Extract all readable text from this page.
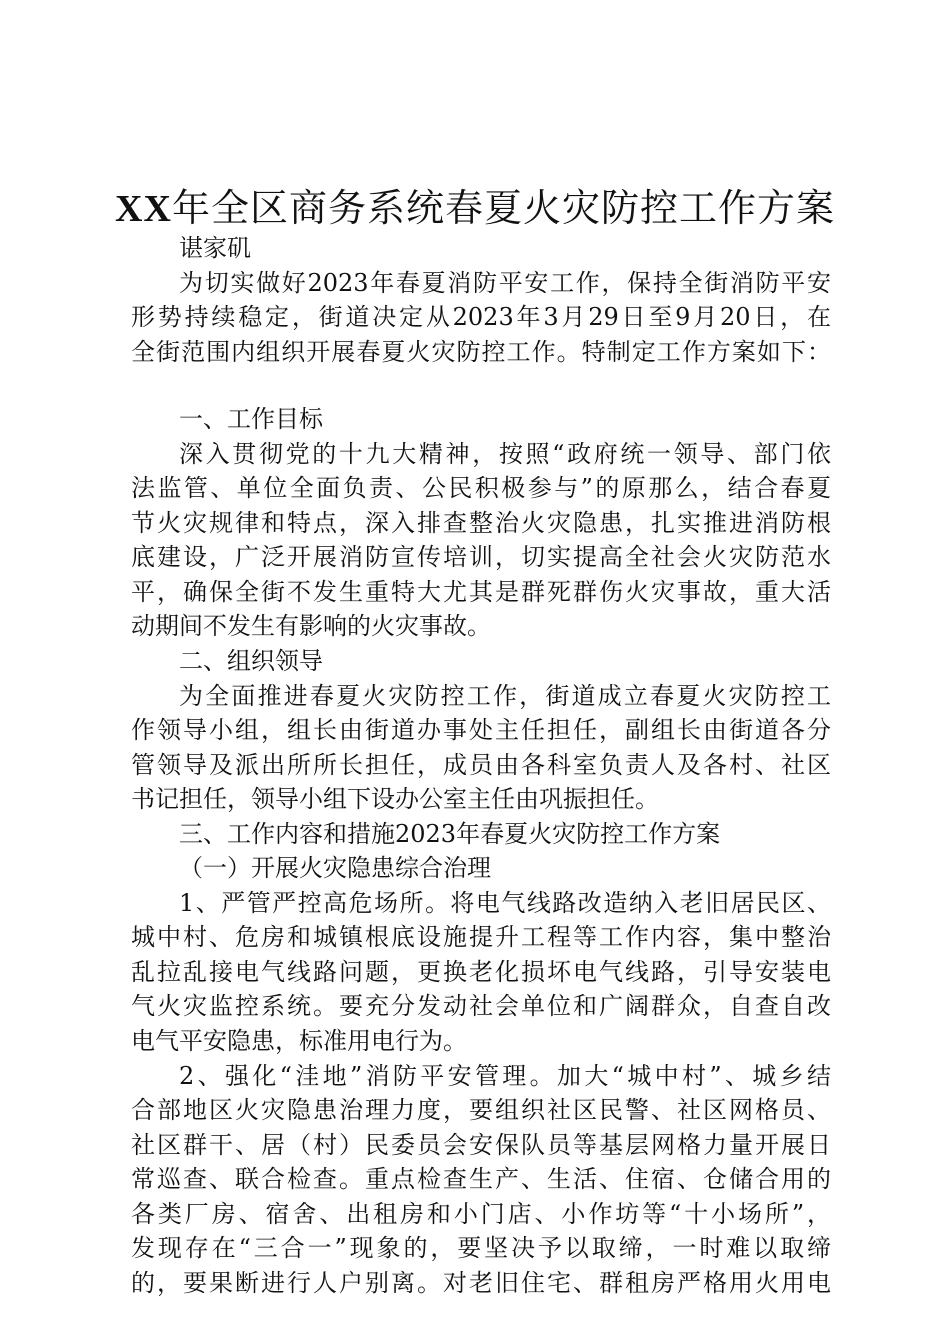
XX年全区商务系统春夏火灾防控工作方案
谌家矶
为切实做好2023年春夏消防平安工作，保持全街消防平安
形势持续稳定，街道决定从2023年3月29日至9月20日，在
全街范围内组织开展春夏火灾防控工作。特制定工作方案如下：
一、工作目标
深入贯彻党的十九大精神，按照“政府统一领导、部门依
法监管、单位全面负责、公民积极参与”的原那么，结合春夏
节火灾规律和特点，深入排查整治火灾隐患，扎实推进消防根
底建设，广泛开展消防宣传培训，切实提高全社会火灾防范水
平，确保全街不发生重特大尤其是群死群伤火灾事故，重大活
动期间不发生有影响的火灾事故。
二、组织领导
为全面推进春夏火灾防控工作，街道成立春夏火灾防控工
作领导小组，组长由街道办事处主任担任，副组长由街道各分
管领导及派出所所长担任，成员由各科室负责人及各村、社区
书记担任，领导小组下设办公室主任由巩振担任。
三、工作内容和措施2023年春夏火灾防控工作方案
（一）开展火灾隐患综合治理
1、严管严控高危场所。将电气线路改造纳入老旧居民区、
城中村、危房和城镇根底设施提升工程等工作内容，集中整治
乱拉乱接电气线路问题，更换老化损坏电气线路，引导安装电
气火灾监控系统。要充分发动社会单位和广阔群众，自查自改
电气平安隐患，标准用电行为。
2、强化“洼地”消防平安管理。加大“城中村”、城乡结
合部地区火灾隐患治理力度，要组织社区民警、社区网格员、
社区群干、居（村）民委员会安保队员等基层网格力量开展日
常巡查、联合检查。重点检查生产、生活、住宿、仓储合用的
各类厂房、宿舍、出租房和小门店、小作坊等“十小场所”，
发现存在“三合一”现象的，要坚决予以取缔，一时难以取缔
的，要果断进行人户别离。对老旧住宅、群租房严格用火用电
